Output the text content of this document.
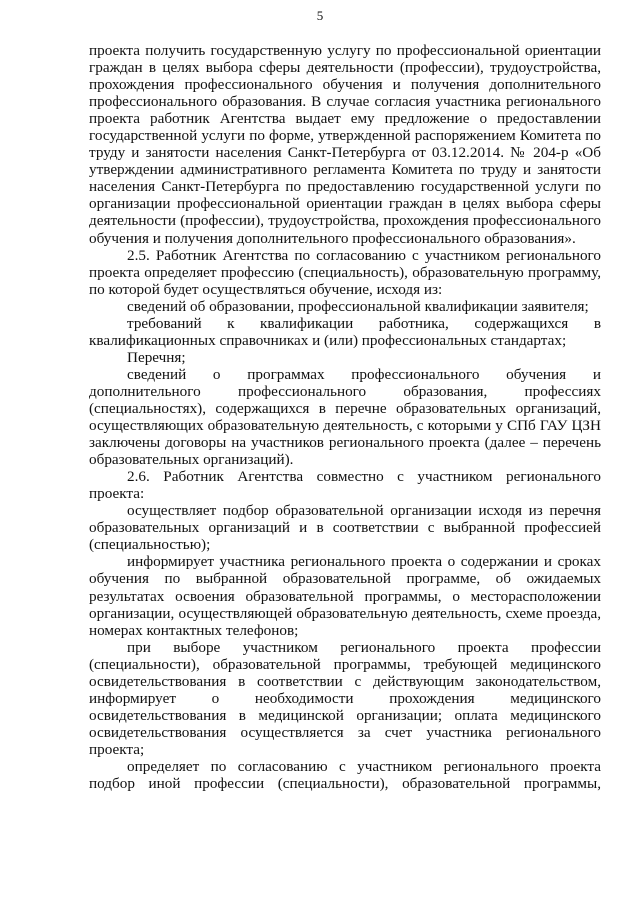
5

проекта получить государственную услугу по профессиональной ориентации граждан в целях выбора сферы деятельности (профессии), трудоустройства, прохождения профессионального обучения и получения дополнительного профессионального образования. В случае согласия участника регионального проекта работник Агентства выдает ему предложение о предоставлении государственной услуги по форме, утвержденной распоряжением Комитета по труду и занятости населения Санкт-Петербурга от 03.12.2014. № 204-р «Об утверждении административного регламента Комитета по труду и занятости населения Санкт-Петербурга по предоставлению государственной услуги по организации профессиональной ориентации граждан в целях выбора сферы деятельности (профессии), трудоустройства, прохождения профессионального обучения и получения дополнительного профессионального образования».

2.5. Работник Агентства по согласованию с участником регионального проекта определяет профессию (специальность), образовательную программу, по которой будет осуществляться обучение, исходя из:

сведений об образовании, профессиональной квалификации заявителя;

требований к квалификации работника, содержащихся в квалификационных справочниках и (или) профессиональных стандартах;

Перечня;

сведений о программах профессионального обучения и дополнительного профессионального образования, профессиях (специальностях), содержащихся в перечне образовательных организаций, осуществляющих образовательную деятельность, с которыми у СПб ГАУ ЦЗН заключены договоры на участников регионального проекта (далее – перечень образовательных организаций).

2.6. Работник Агентства совместно с участником регионального проекта:

осуществляет подбор образовательной организации исходя из перечня образовательных организаций и в соответствии с выбранной профессией (специальностью);

информирует участника регионального проекта о содержании и сроках обучения по выбранной образовательной программе, об ожидаемых результатах освоения образовательной программы, о месторасположении организации, осуществляющей образовательную деятельность, схеме проезда, номерах контактных телефонов;

при выборе участником регионального проекта профессии (специальности), образовательной программы, требующей медицинского освидетельствования в соответствии с действующим законодательством, информирует о необходимости прохождения медицинского освидетельствования в медицинской организации; оплата медицинского освидетельствования осуществляется за счет участника регионального проекта;

определяет по согласованию с участником регионального проекта подбор иной профессии (специальности), образовательной программы,
